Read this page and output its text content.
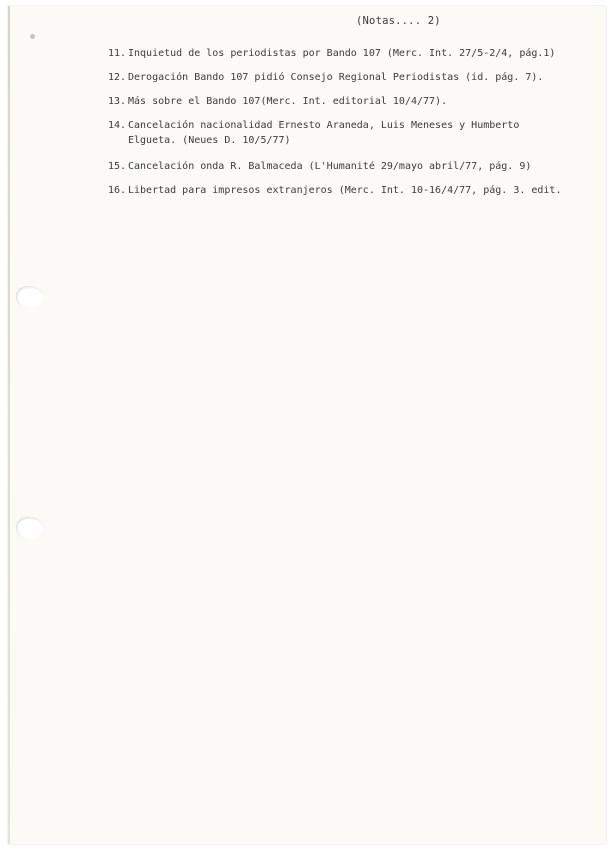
(Notas.... 2)
11. Inquietud de los periodistas por Bando 107 (Merc. Int. 27/5-2/4, pág.1)
12. Derogación Bando 107 pidió Consejo Regional Periodistas (id. pág. 7).
13. Más sobre el Bando 107(Merc. Int. editorial 10/4/77).
14. Cancelación nacionalidad Ernesto Araneda, Luis Meneses y Humberto
Elgueta. (Neues D. 10/5/77)
15. Cancelación onda R. Balmaceda (L'Humanité 29/mayo abril/77, pág. 9)
16. Libertad para impresos extranjeros (Merc. Int. 10-16/4/77, pág. 3. edit.
